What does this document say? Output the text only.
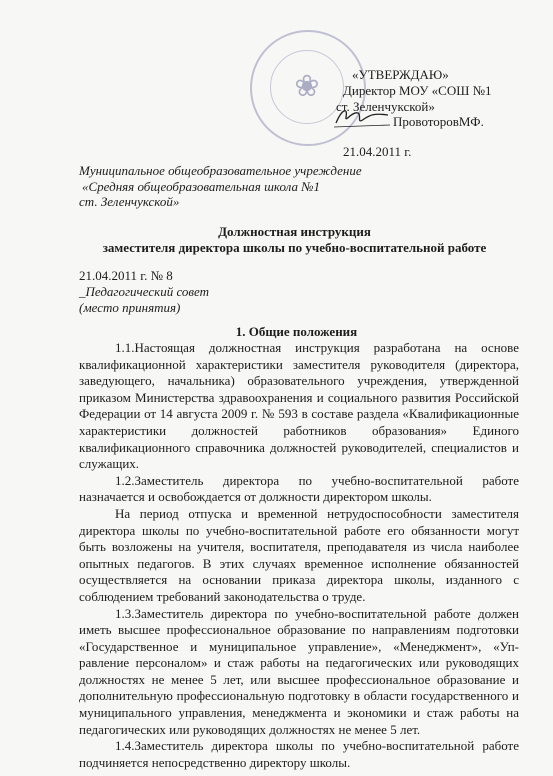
❀	«УТВЕРЖДАЮ»
Директор МОУ «СОШ №1
ст. Зеленчукской»
ПровоторовМФ.
21.04.2011 г.
Муниципальное общеобразовательное учреждение
«Средняя общеобразовательная школа №1
ст. Зеленчукской»
Должностная инструкция
заместителя директора школы по учебно-воспитательной работе
21.04.2011 г. № 8
_Педагогический совет
(место принятия)
1. Общие положения

1.1.Настоящая должностная инструкция разработана на основе квалификационной характеристики заместителя руководителя (директора, заведующего, начальника) образовательного учреждения, утвержденной приказом Министерства здравоохранения и социального развития Российской Федерации от 14 августа 2009 г. № 593 в составе раздела «Квалификационные характеристики должностей работников образования» Единого квалификационного справочника должностей руководителей, специалистов и служащих.

1.2.Заместитель директора по учебно-воспитательной работе назначается и освобождается от должности директором школы.

На период отпуска и временной нетрудоспособности заместителя директора школы по учебно-воспитательной работе его обязанности могут быть возложены на учителя, воспитателя, преподавателя из числа наиболее опытных педагогов. В этих случаях временное исполнение обязанностей осуществляется на основании приказа директора школы, изданного с соблюдением требований законодательства о труде.

1.3.Заместитель директора по учебно-воспитательной работе должен иметь высшее профессиональное образование по направлениям подготовки «Государственное и муниципальное управление», «Менеджмент», «Уп-равление персоналом» и стаж работы на педагогических или руководящих должностях не менее 5 лет, или высшее профессиональное образование и дополнительную профессиональную подготовку в области государственного и муниципального управления, менеджмента и экономики и стаж работы на педагогических или руководящих должностях не менее 5 лет.

1.4.Заместитель директора школы по учебно-воспитательной работе подчиняется непосредственно директору школы.
